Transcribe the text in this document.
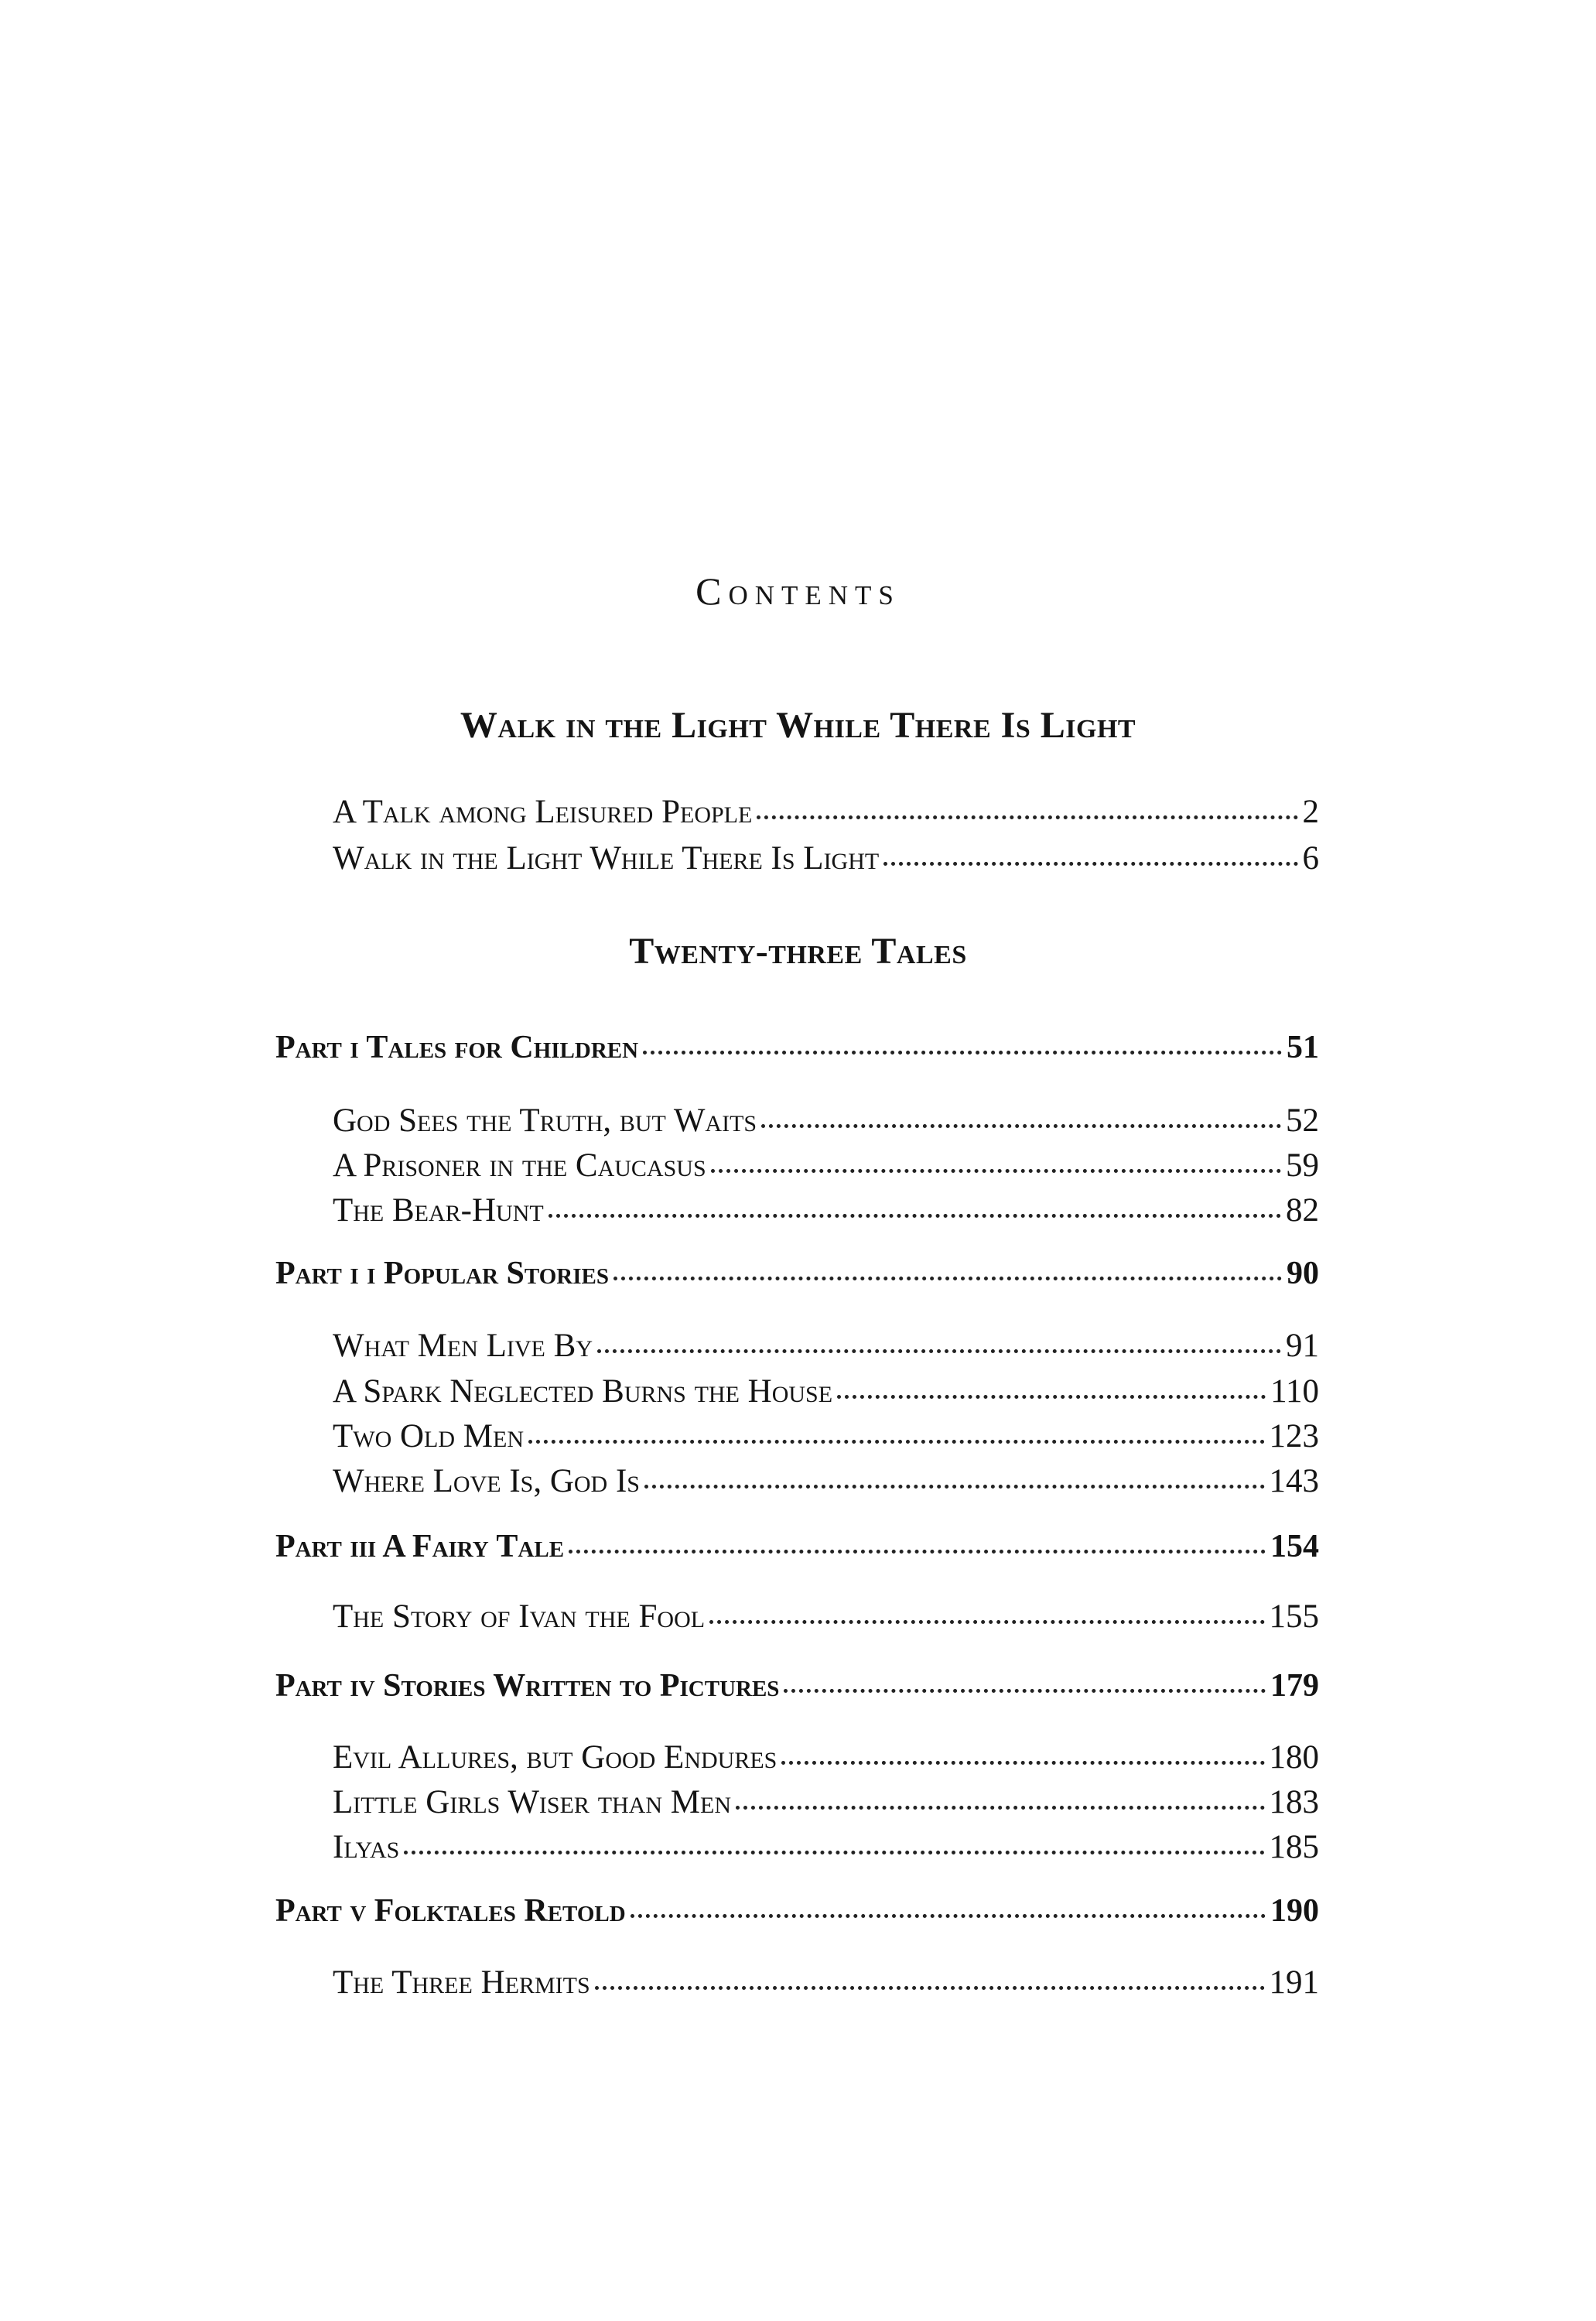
Contents
Walk in the Light While There Is Light
Twenty-three Tales
A Talk among Leisured People	2
Walk in the Light While There Is Light	6
Part i Tales for Children	51
God Sees the Truth, but Waits	52
A Prisoner in the Caucasus	59
The Bear-Hunt	82
Part i i Popular Stories	90
What Men Live By	91
A Spark Neglected Burns the House	110
Two Old Men	123
Where Love Is, God Is	143
Part iii A Fairy Tale	154
The Story of Ivan the Fool	155
Part iv Stories Written to Pictures	179
Evil Allures, but Good Endures	180
Little Girls Wiser than Men	183
Ilyas	185
Part v Folktales Retold	190
The Three Hermits	191
